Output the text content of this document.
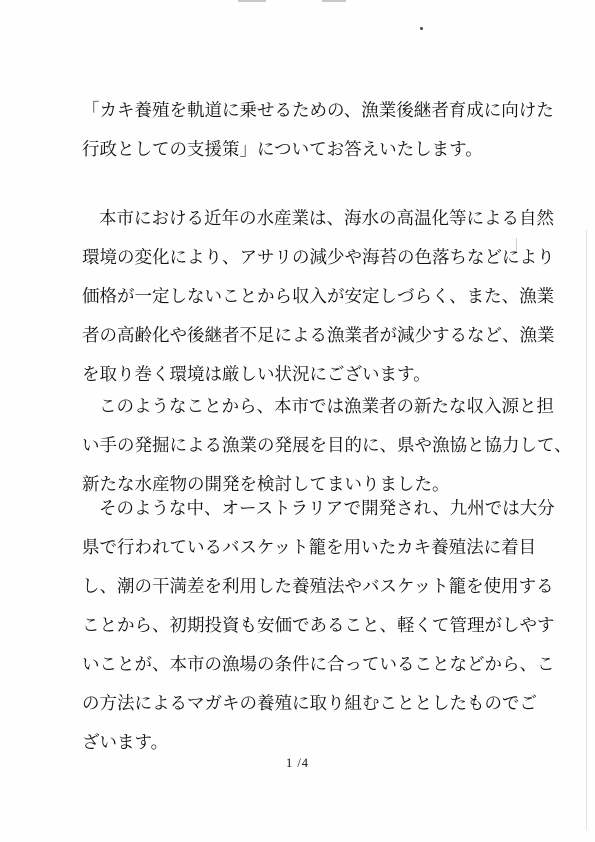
「カキ養殖を軌道に乗せるための、漁業後継者育成に向けた
行政としての支援策」についてお答えいたします。
本市における近年の水産業は、海水の高温化等による自然
環境の変化により、アサリの減少や海苔の色落ちなどにより
価格が一定しないことから収入が安定しづらく、また、漁業
者の高齢化や後継者不足による漁業者が減少するなど、漁業
を取り巻く環境は厳しい状況にございます。
このようなことから、本市では漁業者の新たな収入源と担
い手の発掘による漁業の発展を目的に、県や漁協と協力して、
新たな水産物の開発を検討してまいりました。
そのような中、オーストラリアで開発され、九州では大分
県で行われているバスケット籠を用いたカキ養殖法に着目
し、潮の干満差を利用した養殖法やバスケット籠を使用する
ことから、初期投資も安価であること、軽くて管理がしやす
いことが、本市の漁場の条件に合っていることなどから、こ
の方法によるマガキの養殖に取り組むこととしたものでご
ざいます。
1 /4
